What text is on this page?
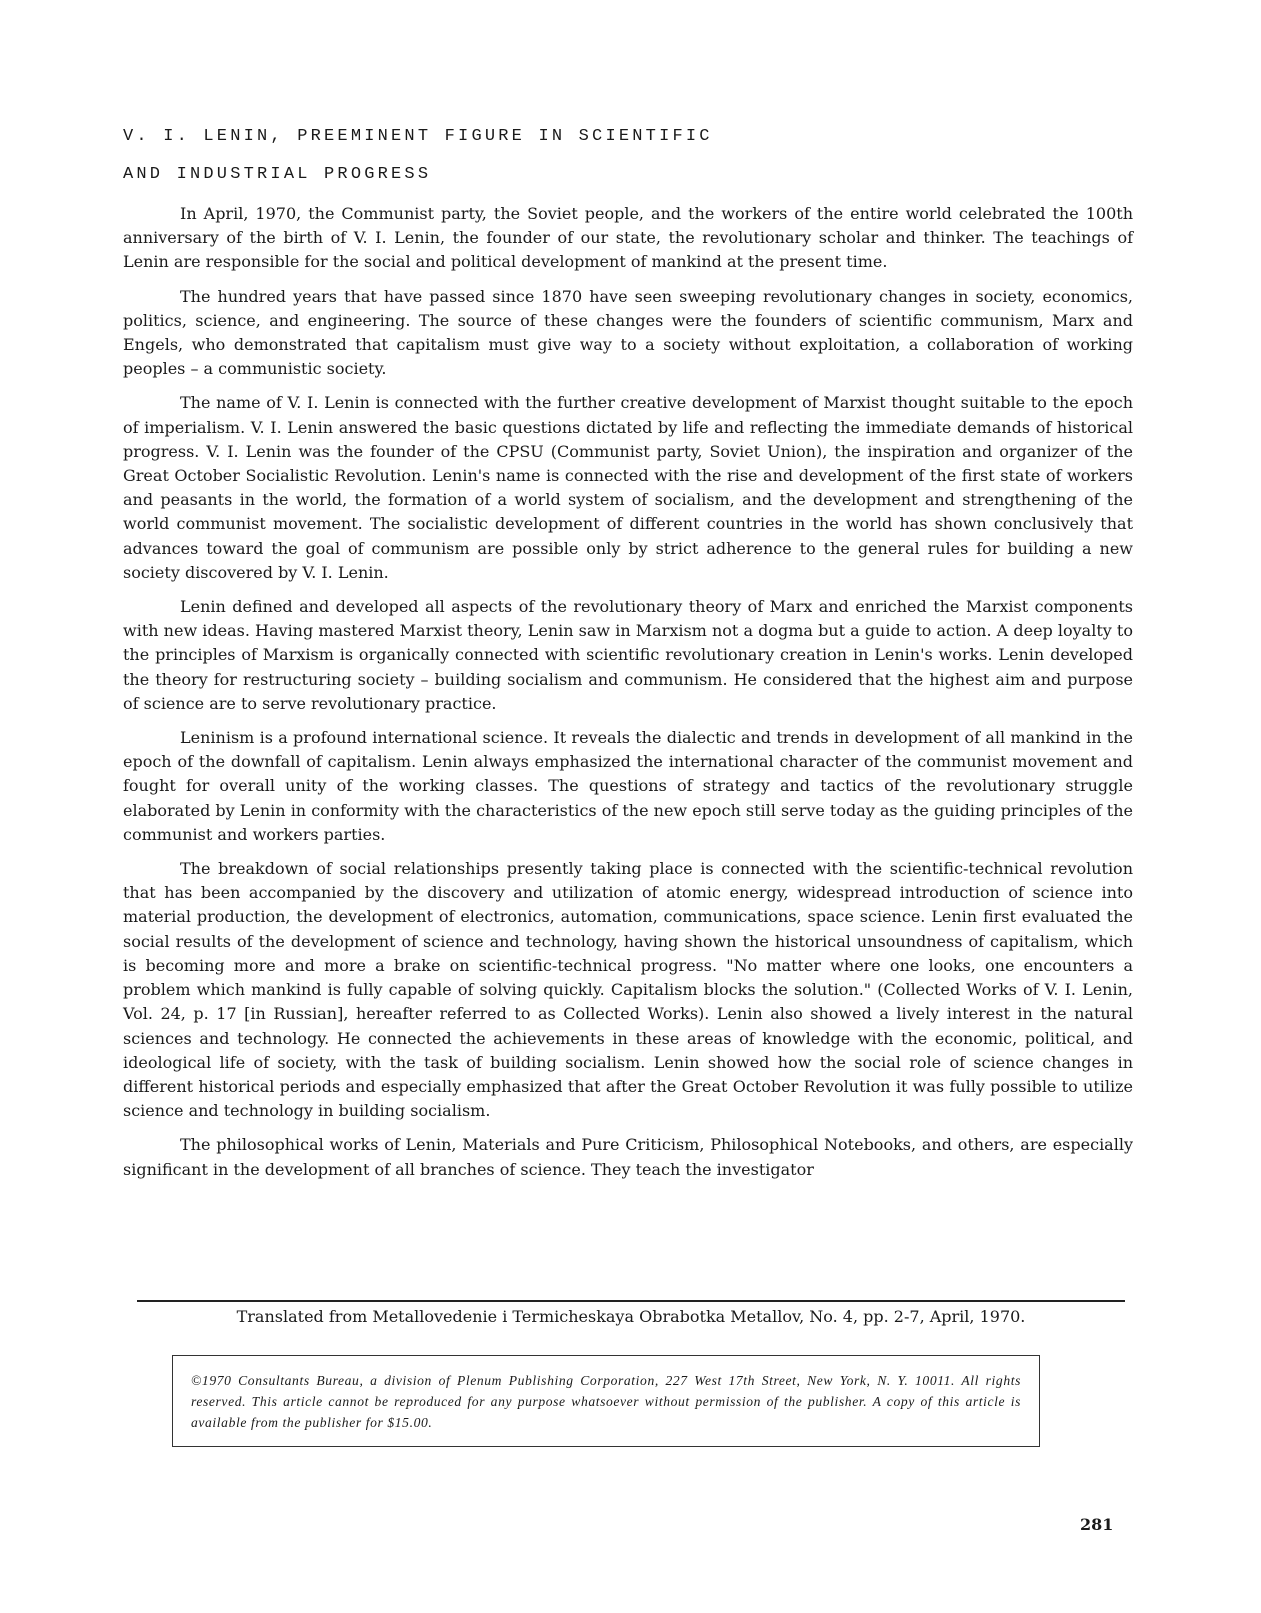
V. I. LENIN, PREEMINENT FIGURE IN SCIENTIFIC
AND INDUSTRIAL PROGRESS

In April, 1970, the Communist party, the Soviet people, and the workers of the entire world celebrated the 100th anniversary of the birth of V. I. Lenin, the founder of our state, the revolutionary scholar and thinker. The teachings of Lenin are responsible for the social and political development of mankind at the present time.

The hundred years that have passed since 1870 have seen sweeping revolutionary changes in society, economics, politics, science, and engineering. The source of these changes were the founders of scientific communism, Marx and Engels, who demonstrated that capitalism must give way to a society without exploitation, a collaboration of working peoples – a communistic society.

The name of V. I. Lenin is connected with the further creative development of Marxist thought suitable to the epoch of imperialism. V. I. Lenin answered the basic questions dictated by life and reflecting the immediate demands of historical progress. V. I. Lenin was the founder of the CPSU (Communist party, Soviet Union), the inspiration and organizer of the Great October Socialistic Revolution. Lenin's name is connected with the rise and development of the first state of workers and peasants in the world, the formation of a world system of socialism, and the development and strengthening of the world communist movement. The socialistic development of different countries in the world has shown conclusively that advances toward the goal of communism are possible only by strict adherence to the general rules for building a new society discovered by V. I. Lenin.

Lenin defined and developed all aspects of the revolutionary theory of Marx and enriched the Marxist components with new ideas. Having mastered Marxist theory, Lenin saw in Marxism not a dogma but a guide to action. A deep loyalty to the principles of Marxism is organically connected with scientific revolutionary creation in Lenin's works. Lenin developed the theory for restructuring society – building socialism and communism. He considered that the highest aim and purpose of science are to serve revolutionary practice.

Leninism is a profound international science. It reveals the dialectic and trends in development of all mankind in the epoch of the downfall of capitalism. Lenin always emphasized the international character of the communist movement and fought for overall unity of the working classes. The questions of strategy and tactics of the revolutionary struggle elaborated by Lenin in conformity with the characteristics of the new epoch still serve today as the guiding principles of the communist and workers parties.

The breakdown of social relationships presently taking place is connected with the scientific-technical revolution that has been accompanied by the discovery and utilization of atomic energy, widespread introduction of science into material production, the development of electronics, automation, communications, space science. Lenin first evaluated the social results of the development of science and technology, having shown the historical unsoundness of capitalism, which is becoming more and more a brake on scientific-technical progress. "No matter where one looks, one encounters a problem which mankind is fully capable of solving quickly. Capitalism blocks the solution." (Collected Works of V. I. Lenin, Vol. 24, p. 17 [in Russian], hereafter referred to as Collected Works). Lenin also showed a lively interest in the natural sciences and technology. He connected the achievements in these areas of knowledge with the economic, political, and ideological life of society, with the task of building socialism. Lenin showed how the social role of science changes in different historical periods and especially emphasized that after the Great October Revolution it was fully possible to utilize science and technology in building socialism.

The philosophical works of Lenin, Materials and Pure Criticism, Philosophical Notebooks, and others, are especially significant in the development of all branches of science. They teach the investigator

Translated from Metallovedenie i Termicheskaya Obrabotka Metallov, No. 4, pp. 2-7, April, 1970.

©1970 Consultants Bureau, a division of Plenum Publishing Corporation, 227 West 17th Street, New York, N. Y. 10011. All rights reserved. This article cannot be reproduced for any purpose whatsoever without permission of the publisher. A copy of this article is available from the publisher for $15.00.

281
